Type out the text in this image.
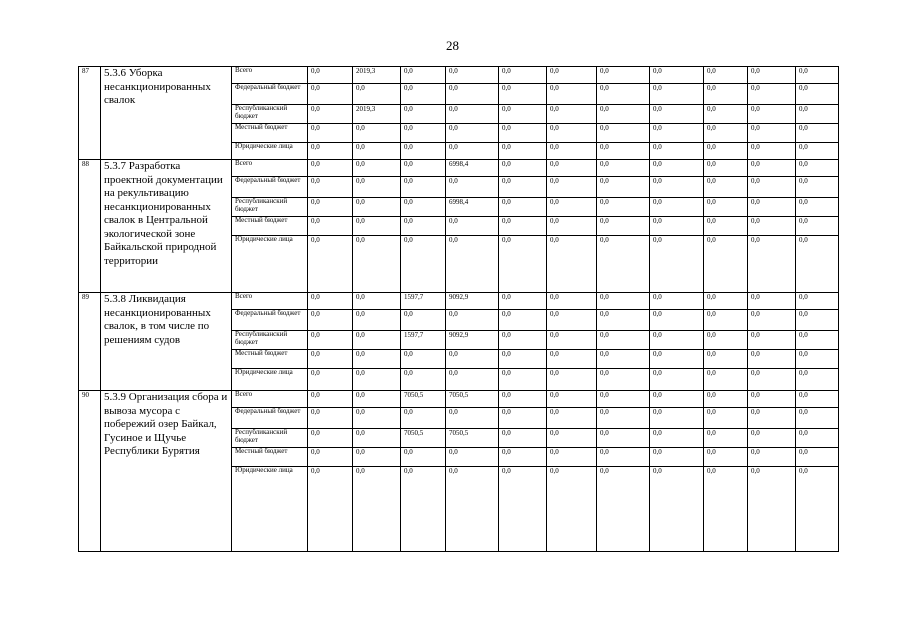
28
87	5.3.6 Уборка несанкционированных свалок	Всего	0,0	2019,3	0,0	0,0	0,0	0,0	0,0	0,0	0,0	0,0	0,0
		Федеральный бюджет	0,0	0,0	0,0	0,0	0,0	0,0	0,0	0,0	0,0	0,0	0,0
		Республиканский бюджет	0,0	2019,3	0,0	0,0	0,0	0,0	0,0	0,0	0,0	0,0	0,0
		Местный бюджет	0,0	0,0	0,0	0,0	0,0	0,0	0,0	0,0	0,0	0,0	0,0
		Юридические лица	0,0	0,0	0,0	0,0	0,0	0,0	0,0	0,0	0,0	0,0	0,0
88	5.3.7 Разработка проектной документации на рекультивацию несанкционированных свалок в Центральной экологической зоне Байкальской природной территории	Всего	0,0	0,0	0,0	6998,4	0,0	0,0	0,0	0,0	0,0	0,0	0,0
		Федеральный бюджет	0,0	0,0	0,0	0,0	0,0	0,0	0,0	0,0	0,0	0,0	0,0
		Республиканский бюджет	0,0	0,0	0,0	6998,4	0,0	0,0	0,0	0,0	0,0	0,0	0,0
		Местный бюджет	0,0	0,0	0,0	0,0	0,0	0,0	0,0	0,0	0,0	0,0	0,0
		Юридические лица	0,0	0,0	0,0	0,0	0,0	0,0	0,0	0,0	0,0	0,0	0,0
89	5.3.8 Ликвидация несанкционированных свалок, в том числе по решениям судов	Всего	0,0	0,0	1597,7	9092,9	0,0	0,0	0,0	0,0	0,0	0,0	0,0
		Федеральный бюджет	0,0	0,0	0,0	0,0	0,0	0,0	0,0	0,0	0,0	0,0	0,0
		Республиканский бюджет	0,0	0,0	1597,7	9092,9	0,0	0,0	0,0	0,0	0,0	0,0	0,0
		Местный бюджет	0,0	0,0	0,0	0,0	0,0	0,0	0,0	0,0	0,0	0,0	0,0
		Юридические лица	0,0	0,0	0,0	0,0	0,0	0,0	0,0	0,0	0,0	0,0	0,0
90	5.3.9 Организация сбора и вывоза мусора с побережий озер Байкал, Гусиное и Щучье Республики Бурятия	Всего	0,0	0,0	7050,5	7050,5	0,0	0,0	0,0	0,0	0,0	0,0	0,0
		Федеральный бюджет	0,0	0,0	0,0	0,0	0,0	0,0	0,0	0,0	0,0	0,0	0,0
		Республиканский бюджет	0,0	0,0	7050,5	7050,5	0,0	0,0	0,0	0,0	0,0	0,0	0,0
		Местный бюджет	0,0	0,0	0,0	0,0	0,0	0,0	0,0	0,0	0,0	0,0	0,0
		Юридические лица	0,0	0,0	0,0	0,0	0,0	0,0	0,0	0,0	0,0	0,0	0,0
